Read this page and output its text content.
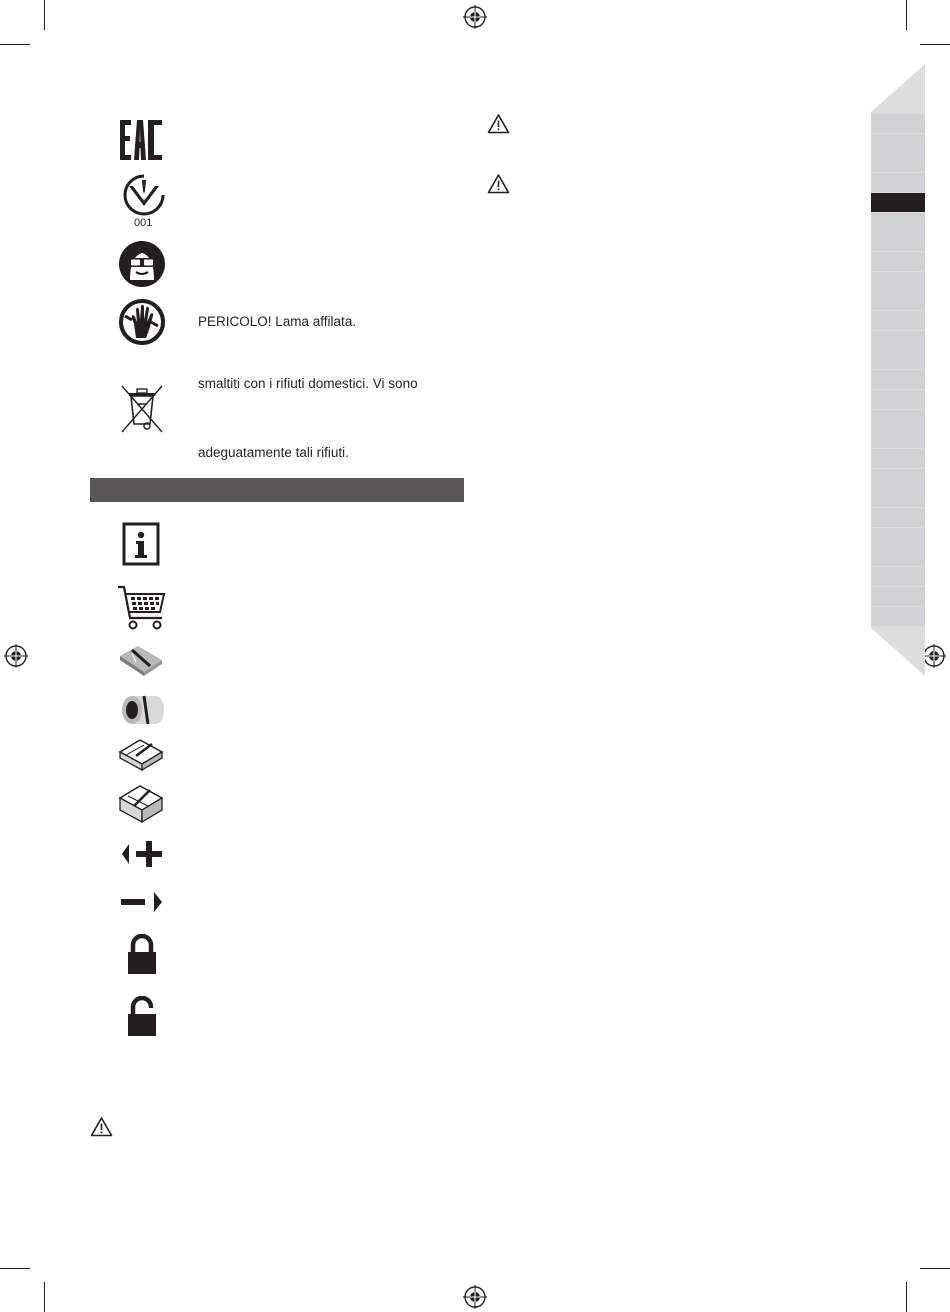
001
PERICOLO! Lama affilata.
smaltiti con i rifiuti domestici. Vi sono
adeguatamente tali rifiuti.
